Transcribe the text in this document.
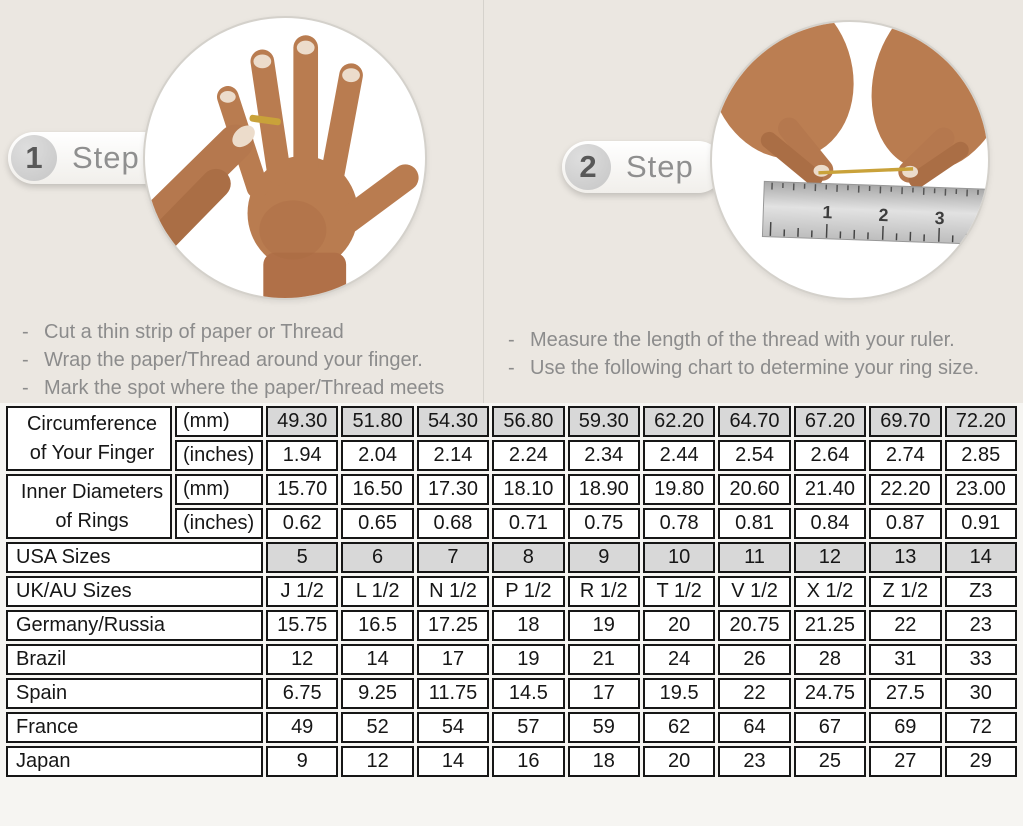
1 Step
- Cut a thin strip of paper or Thread
- Wrap the paper/Thread around your finger.
- Mark the spot where the paper/Thread meets
2 Step
1	2	3
- Measure the length of the thread with your ruler.
- Use the following chart to determine your ring size.
Circumference
of Your Finger	(mm)	49.30	51.80	54.30	56.80	59.30	62.20	64.70	67.20	69.70	72.20
	(inches)	1.94	2.04	2.14	2.24	2.34	2.44	2.54	2.64	2.74	2.85
Inner Diameters
of Rings	(mm)	15.70	16.50	17.30	18.10	18.90	19.80	20.60	21.40	22.20	23.00
	(inches)	0.62	0.65	0.68	0.71	0.75	0.78	0.81	0.84	0.87	0.91
USA Sizes		5	6	7	8	9	10	11	12	13	14
UK/AU Sizes		J 1/2	L 1/2	N 1/2	P 1/2	R 1/2	T 1/2	V 1/2	X 1/2	Z 1/2	Z3
Germany/Russia		15.75	16.5	17.25	18	19	20	20.75	21.25	22	23
Brazil		12	14	17	19	21	24	26	28	31	33
Spain		6.75	9.25	11.75	14.5	17	19.5	22	24.75	27.5	30
France		49	52	54	57	59	62	64	67	69	72
Japan		9	12	14	16	18	20	23	25	27	29
